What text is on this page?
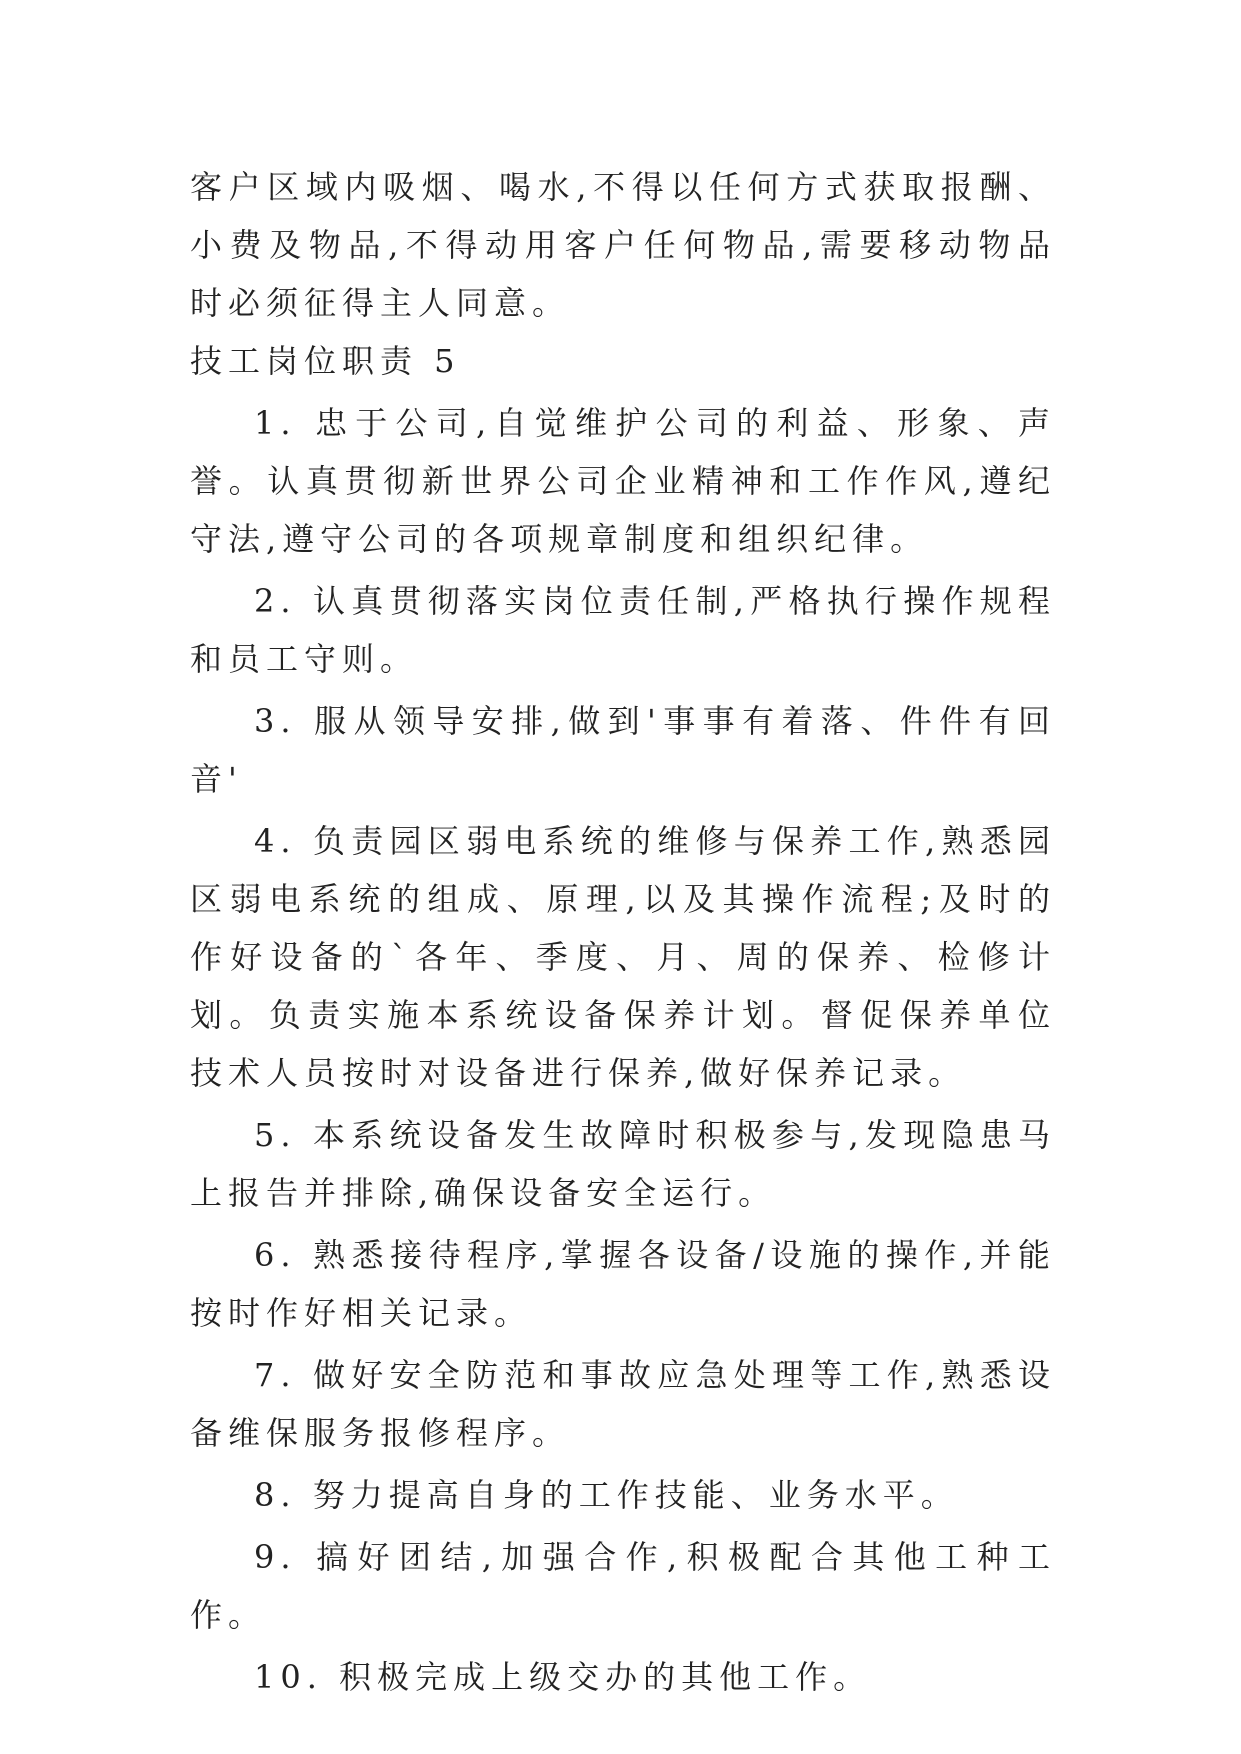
客户区域内吸烟、喝水,不得以任何方式获取报酬、小费及物品,不得动用客户任何物品,需要移动物品时必须征得主人同意。

技工岗位职责 5

1. 忠于公司,自觉维护公司的利益、形象、声誉。认真贯彻新世界公司企业精神和工作作风,遵纪守法,遵守公司的各项规章制度和组织纪律。

2. 认真贯彻落实岗位责任制,严格执行操作规程和员工守则。

3. 服从领导安排,做到'事事有着落、件件有回音'

4. 负责园区弱电系统的维修与保养工作,熟悉园区弱电系统的组成、原理,以及其操作流程;及时的作好设备的`各年、季度、月、周的保养、检修计划。负责实施本系统设备保养计划。督促保养单位技术人员按时对设备进行保养,做好保养记录。

5. 本系统设备发生故障时积极参与,发现隐患马上报告并排除,确保设备安全运行。

6. 熟悉接待程序,掌握各设备/设施的操作,并能按时作好相关记录。

7. 做好安全防范和事故应急处理等工作,熟悉设备维保服务报修程序。

8. 努力提高自身的工作技能、业务水平。

9. 搞好团结,加强合作,积极配合其他工种工作。

10. 积极完成上级交办的其他工作。
